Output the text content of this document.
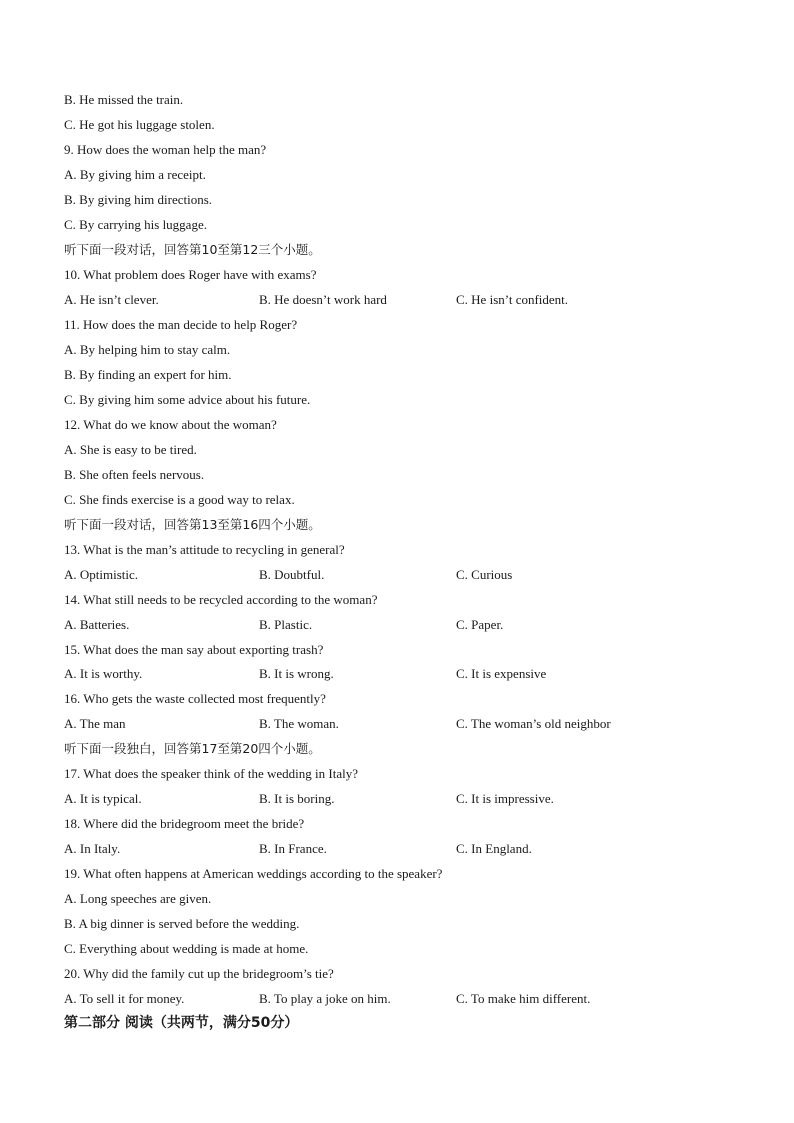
B. He missed the train.
C. He got his luggage stolen.
9. How does the woman help the man?
A. By giving him a receipt.
B. By giving him directions.
C. By carrying his luggage.
听下面一段对话，回答第10至第12三个小题。
10. What problem does Roger have with exams?
A. He isn’t clever.	B. He doesn’t work hard	C. He isn’t confident.
11. How does the man decide to help Roger?
A. By helping him to stay calm.
B. By finding an expert for him.
C. By giving him some advice about his future.
12. What do we know about the woman?
A. She is easy to be tired.
B. She often feels nervous.
C. She finds exercise is a good way to relax.
听下面一段对话，回答第13至第16四个小题。
13. What is the man’s attitude to recycling in general?
A. Optimistic.	B. Doubtful.	C. Curious
14. What still needs to be recycled according to the woman?
A. Batteries.	B. Plastic.	C. Paper.
15. What does the man say about exporting trash?
A. It is worthy.	B. It is wrong.	C. It is expensive
16. Who gets the waste collected most frequently?
A. The man	B. The woman.	C. The woman’s old neighbor
听下面一段独白，回答第17至第20四个小题。
17. What does the speaker think of the wedding in Italy?
A. It is typical.	B. It is boring.	C. It is impressive.
18. Where did the bridegroom meet the bride?
A. In Italy.	B. In France.	C. In England.
19. What often happens at American weddings according to the speaker?
A. Long speeches are given.
B. A big dinner is served before the wedding.
C. Everything about wedding is made at home.
20. Why did the family cut up the bridegroom’s tie?
A. To sell it for money.	B. To play a joke on him.	C. To make him different.
第二部分 阅读（共两节，满分50分）
